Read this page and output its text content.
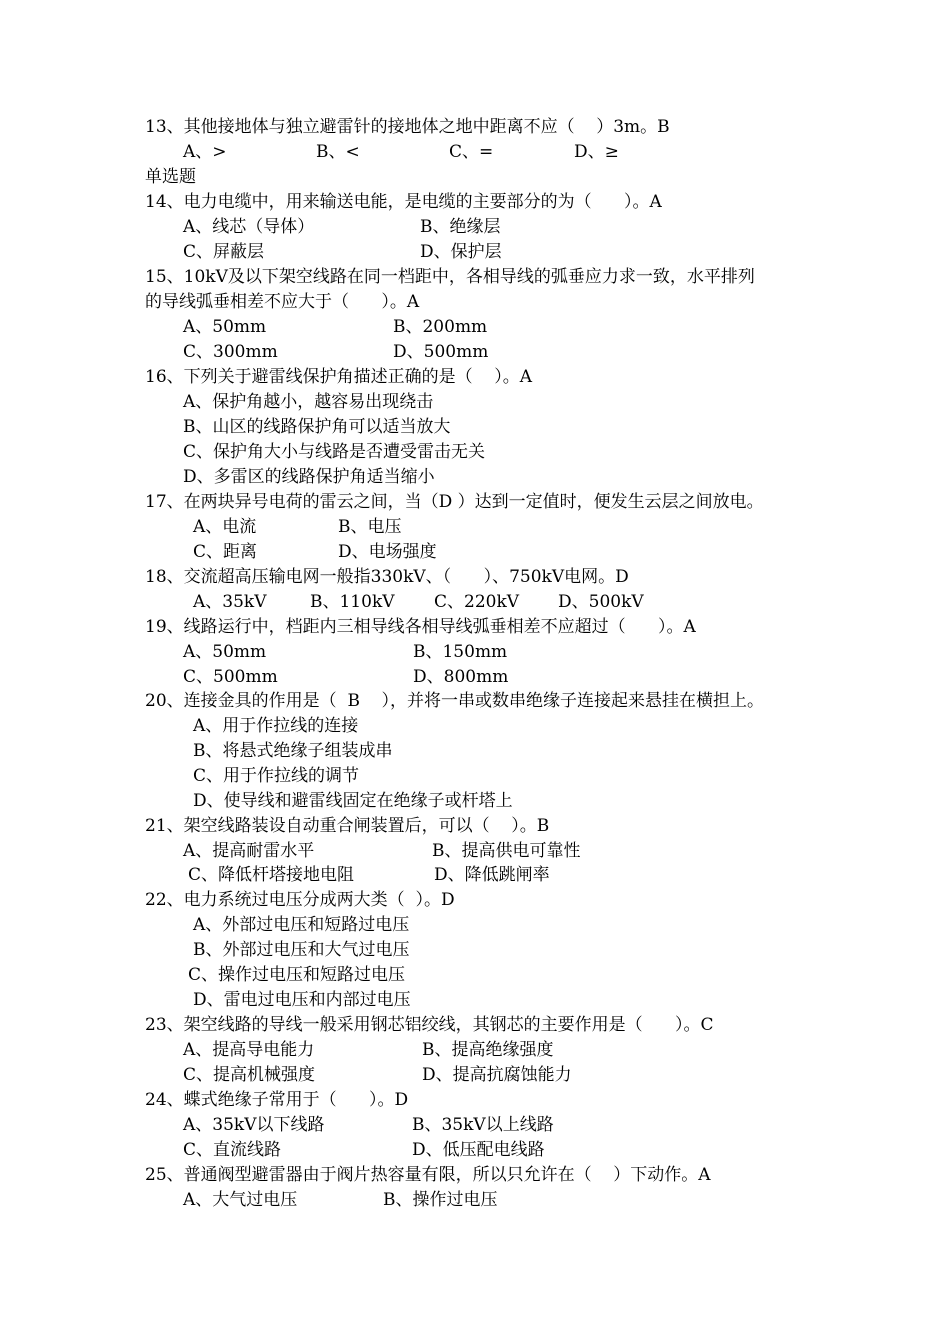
13、其他接地体与独立避雷针的接地体之地中距离不应（    ）3m。B
A、>	B、<	C、=	D、≥
单选题
14、电力电缆中，用来输送电能，是电缆的主要部分的为（      ）。A
A、线芯（导体）	B、绝缘层
C、屏蔽层	D、保护层
15、10kV及以下架空线路在同一档距中，各相导线的弧垂应力求一致，水平排列
的导线弧垂相差不应大于（      ）。A
A、50mm	B、200mm
C、300mm	D、500mm
16、下列关于避雷线保护角描述正确的是（    ）。A
A、保护角越小，越容易出现绕击
B、山区的线路保护角可以适当放大
C、保护角大小与线路是否遭受雷击无关
D、多雷区的线路保护角适当缩小
17、在两块异号电荷的雷云之间，当（D ）达到一定值时，便发生云层之间放电。
A、电流	B、电压
C、距离	D、电场强度
18、交流超高压输电网一般指330kV、（      ）、750kV电网。D
A、35kV	B、110kV C、220kV D、500kV
19、线路运行中，档距内三相导线各相导线弧垂相差不应超过（      ）。A
A、50mm	B、150mm
C、500mm	D、800mm
20、连接金具的作用是（  B    ），并将一串或数串绝缘子连接起来悬挂在横担上。
A、用于作拉线的连接
B、将悬式绝缘子组装成串
C、用于作拉线的调节
D、使导线和避雷线固定在绝缘子或杆塔上
21、架空线路装设自动重合闸装置后，可以（    ）。B
A、提高耐雷水平	B、提高供电可靠性
C、降低杆塔接地电阻	D、降低跳闸率
22、电力系统过电压分成两大类（  ）。D
A、外部过电压和短路过电压
B、外部过电压和大气过电压
C、操作过电压和短路过电压
D、雷电过电压和内部过电压
23、架空线路的导线一般采用钢芯铝绞线，其钢芯的主要作用是（      ）。C
A、提高导电能力	B、提高绝缘强度
C、提高机械强度	D、提高抗腐蚀能力
24、蝶式绝缘子常用于（      ）。D
A、35kV以下线路	B、35kV以上线路
C、直流线路	D、低压配电线路
25、普通阀型避雷器由于阀片热容量有限，所以只允许在（    ）下动作。A
A、大气过电压	B、操作过电压
